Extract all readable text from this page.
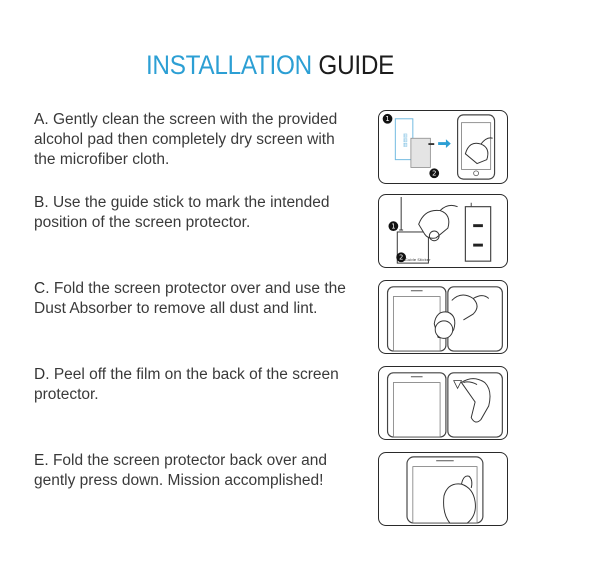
INSTALLATION GUIDE
A. Gently clean the screen with the provided alcohol pad then completely dry screen with the microfiber cloth.
1
▤▤▤
2
B. Use the guide stick to mark the intended position of the screen protector.	1
2 Guide Sticker
C. Fold the screen protector over and use the Dust Absorber to remove all dust and lint.
D. Peel off the film on the back of the screen protector.
E. Fold the screen protector back over and gently press down. Mission accomplished!
